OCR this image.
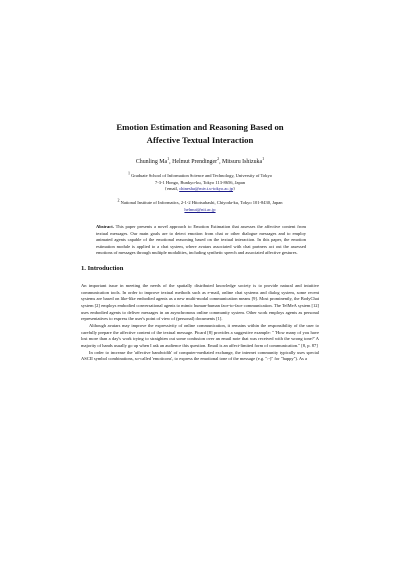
Emotion Estimation and Reasoning Based on
Affective Textual Interaction
Chunling Ma$^1$, Helmut Prendinger$^2$, Mitsuru Ishizuka$^1$
$^1$ Graduate School of Information Science and Technology, University of Tokyo
7-3-1 Hongo, Bunkyo-ku, Tokyo 113-8656, Japan
{email, chinesha@miv.t.u-tokyo.ac.jp}
$^2$ National Institute of Informatics, 2-1-2 Hitotsubashi, Chiyoda-ku, Tokyo 101-8430, Japan
helmut@nii.ac.jp
Abstract. This paper presents a novel approach to Emotion Estimation that assesses the affective content from textual messages. Our main goals are to detect emotion from chat or other dialogue messages and to employ animated agents capable of the emotional reasoning based on the textual interaction. In this paper, the emotion estimation module is applied to a chat system, where avatars associated with chat partners act out the assessed emotions of messages through multiple modalities, including synthetic speech and associated affective gestures.
1. Introduction

An important issue in meeting the needs of the spatially distributed knowledge society is to provide natural and intuitive communication tools. In order to improve textual methods such as e-mail, online chat systems and dialog system, some recent systems are based on like-like embodied agents as a new multi-modal communication means [9]. Most prominently, the BodyChat system [2] employs embodied conversational agents to mimic human-human face-to-face communication. The TelMeA system [12] uses embodied agents to deliver messages in an asynchronous online community system. Other work employs agents as personal representatives to express the user's point of view of (personal) documents [1].

Although avatars may improve the expressivity of online communication, it remains within the responsibility of the user to carefully prepare the affective content of the textual message. Picard [8] provides a suggestive example: " 'How many of you have lost more than a day's work trying to straighten out some confusion over an email note that was received with the wrong tone?' A majority of hands usually go up when I ask an audience this question. Email is an affect-limited form of communication." [8, p. 87]

In order to increase the 'affective bandwidth' of computer-mediated exchange, the internet community typically uses special ASCII symbol combinations, so-called 'emoticons', to express the emotional tone of the message (e.g. ":-)" for "happy"). As a
